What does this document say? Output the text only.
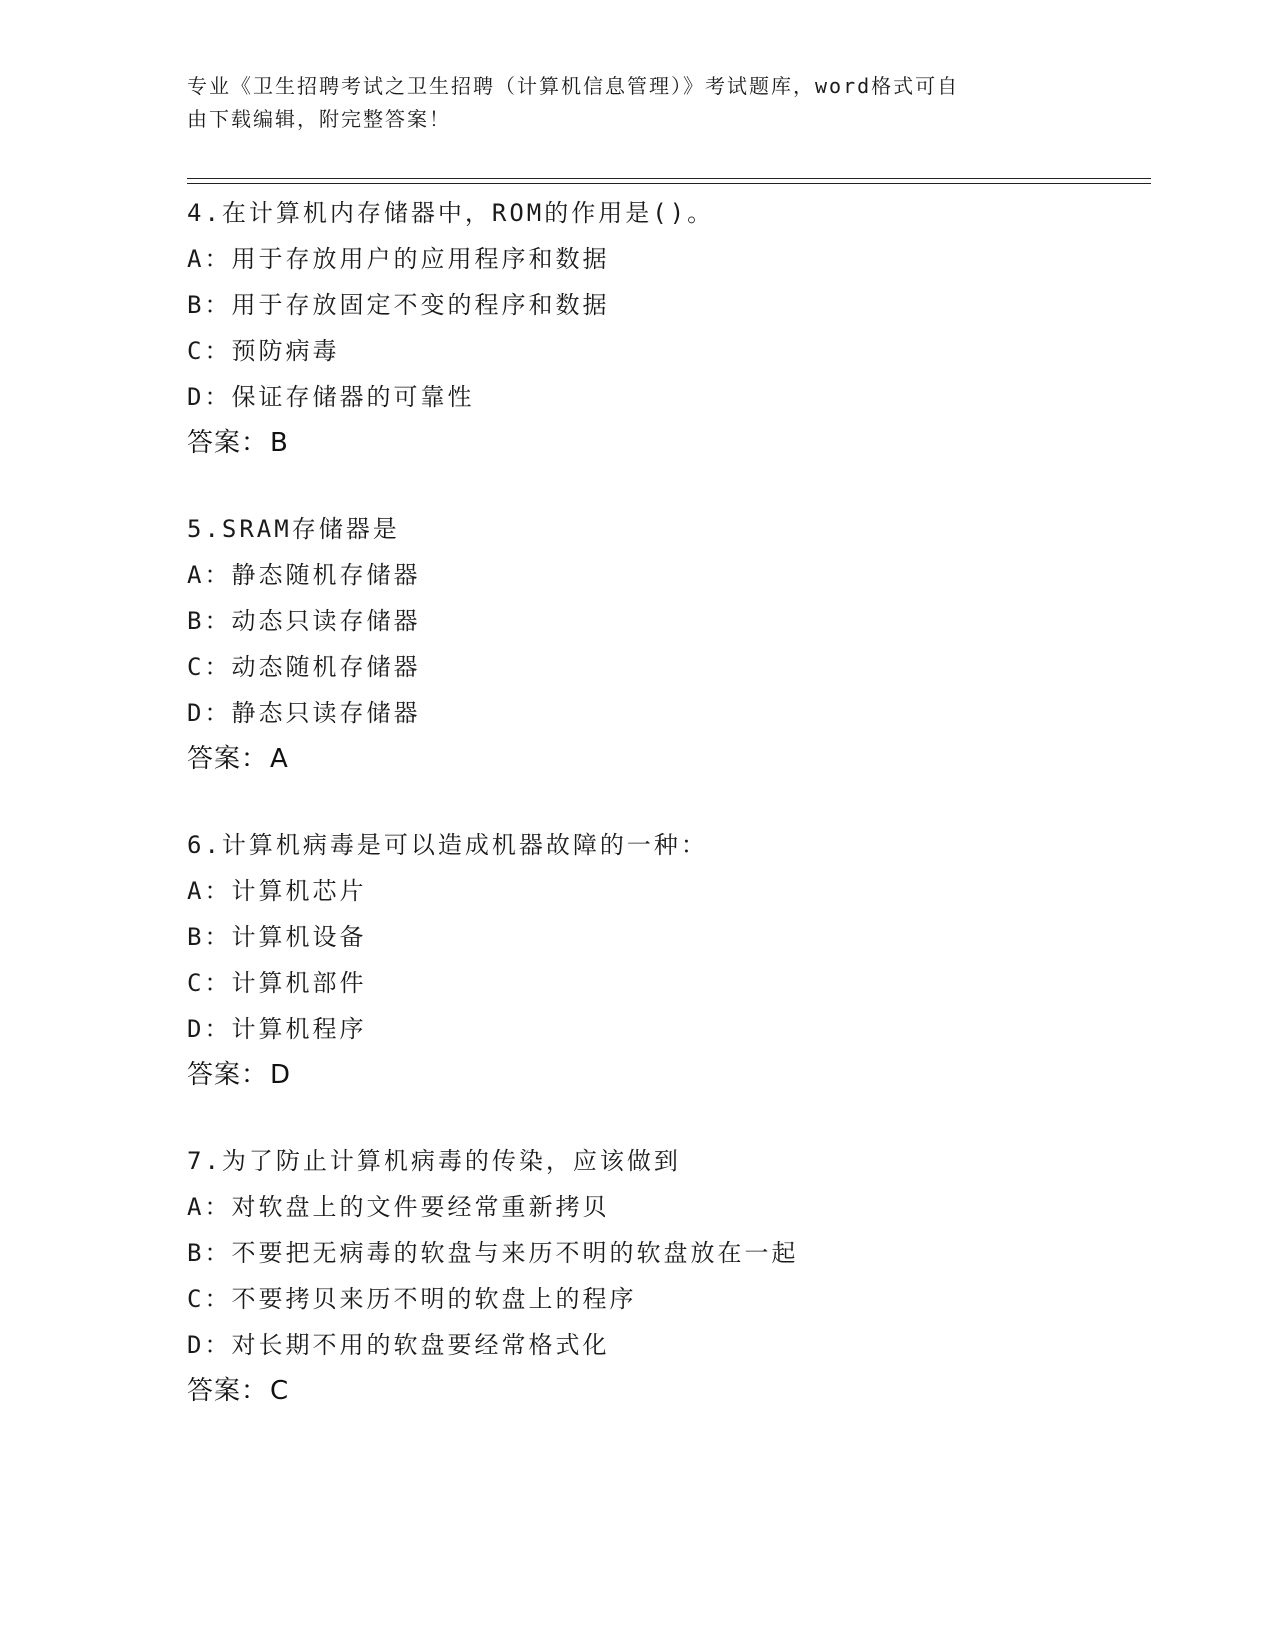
专业《卫生招聘考试之卫生招聘（计算机信息管理）》考试题库，word格式可自
由下载编辑，附完整答案！
4.在计算机内存储器中，ROM的作用是()。
A：用于存放用户的应用程序和数据
B：用于存放固定不变的程序和数据
C：预防病毒
D：保证存储器的可靠性
答案：B
5.SRAM存储器是
A：静态随机存储器
B：动态只读存储器
C：动态随机存储器
D：静态只读存储器
答案：A
6.计算机病毒是可以造成机器故障的一种：
A：计算机芯片
B：计算机设备
C：计算机部件
D：计算机程序
答案：D
7.为了防止计算机病毒的传染，应该做到
A：对软盘上的文件要经常重新拷贝
B：不要把无病毒的软盘与来历不明的软盘放在一起
C：不要拷贝来历不明的软盘上的程序
D：对长期不用的软盘要经常格式化
答案：C
